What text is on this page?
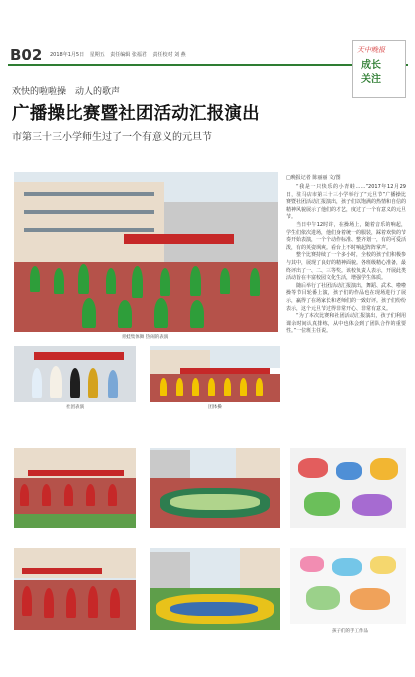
B02 2018年1月5日 星期五 责任编辑 张福君 责任校对 刘 燕
天中晚报
成长
关注
欢快的啦啦操　动人的歌声
广播操比赛暨社团活动汇报演出
市第三十三小学师生过了一个有意义的元旦节
□晚报记者 陈丽丽 文/图

“我是一只快乐的小青蛙……”2017年12月29日，驻马店市第三十三小学举行了“元旦节”广播操比赛暨社团活动汇报演出，孩子们以饱满的热情和自信的精神风貌展示了他们的才艺，度过了一个有意义的元旦节。

当日中午12时许，在操场上，随着音乐的响起，学生们依次进场，他们身着统一的服装，踩着欢快的节奏开始表演，一个个动作标准、整齐划一，有的可爱活泼，有的英姿飒爽。看台上不时响起阵阵掌声。

整个比赛持续了一个多小时，全校的孩子们积极参与其中，展现了良好的精神面貌。各班级精心准备，最终评出了一、二、三等奖。该校负责人表示，开展此类活动旨在丰富校园文化生活，增强学生体质。

随后举行了社团活动汇报演出，舞蹈、武术、啦啦操等节目轮番上演，孩子们的作品也在现场进行了展示，赢得了在场家长和老师们的一致好评。孩子们纷纷表示，这个元旦节过得非常开心、非常有意义。

“为了本次比赛和社团活动汇报演出，孩子们利用课余时间认真排练，从中也体会到了团队合作的重要性。”一位班主任说。

青蛙集体舞 热闹的表演
社团表演	团体操
孩子们的手工作品
